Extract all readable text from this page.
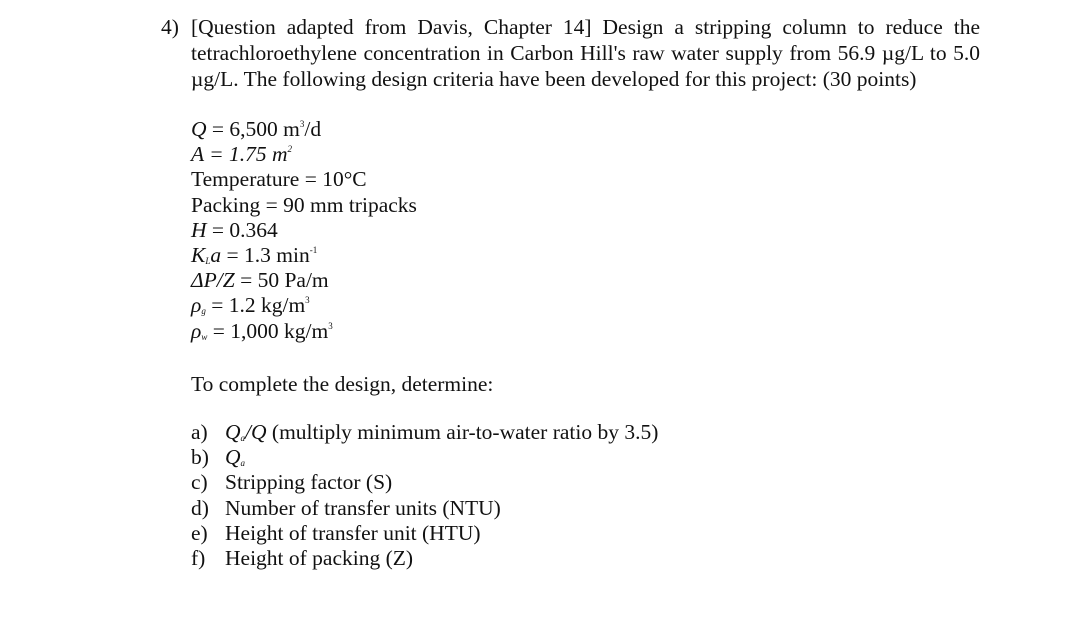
4) [Question adapted from Davis, Chapter 14] Design a stripping column to reduce the tetrachloroethylene concentration in Carbon Hill's raw water supply from 56.9 µg/L to 5.0 µg/L. The following design criteria have been developed for this project: (30 points)
Q = 6,500 $m^3/d$
A = 1.75 $m^2$
Temperature = 10°C
Packing = 90 mm tripacks
H = 0.364
$K_La = 1.3$ $\min^{-1}$
ΔP/Z = 50 Pa/m
$\rho_g = 1.2$ $kg/m^3$
$\rho_w = 1,000$ $kg/m^3$
To complete the design, determine:
a) $Q_a/Q$ (multiply minimum air-to-water ratio by 3.5)
b) $Q_a$
c) Stripping factor (S)
d) Number of transfer units (NTU)
e) Height of transfer unit (HTU)
f) Height of packing (Z)
